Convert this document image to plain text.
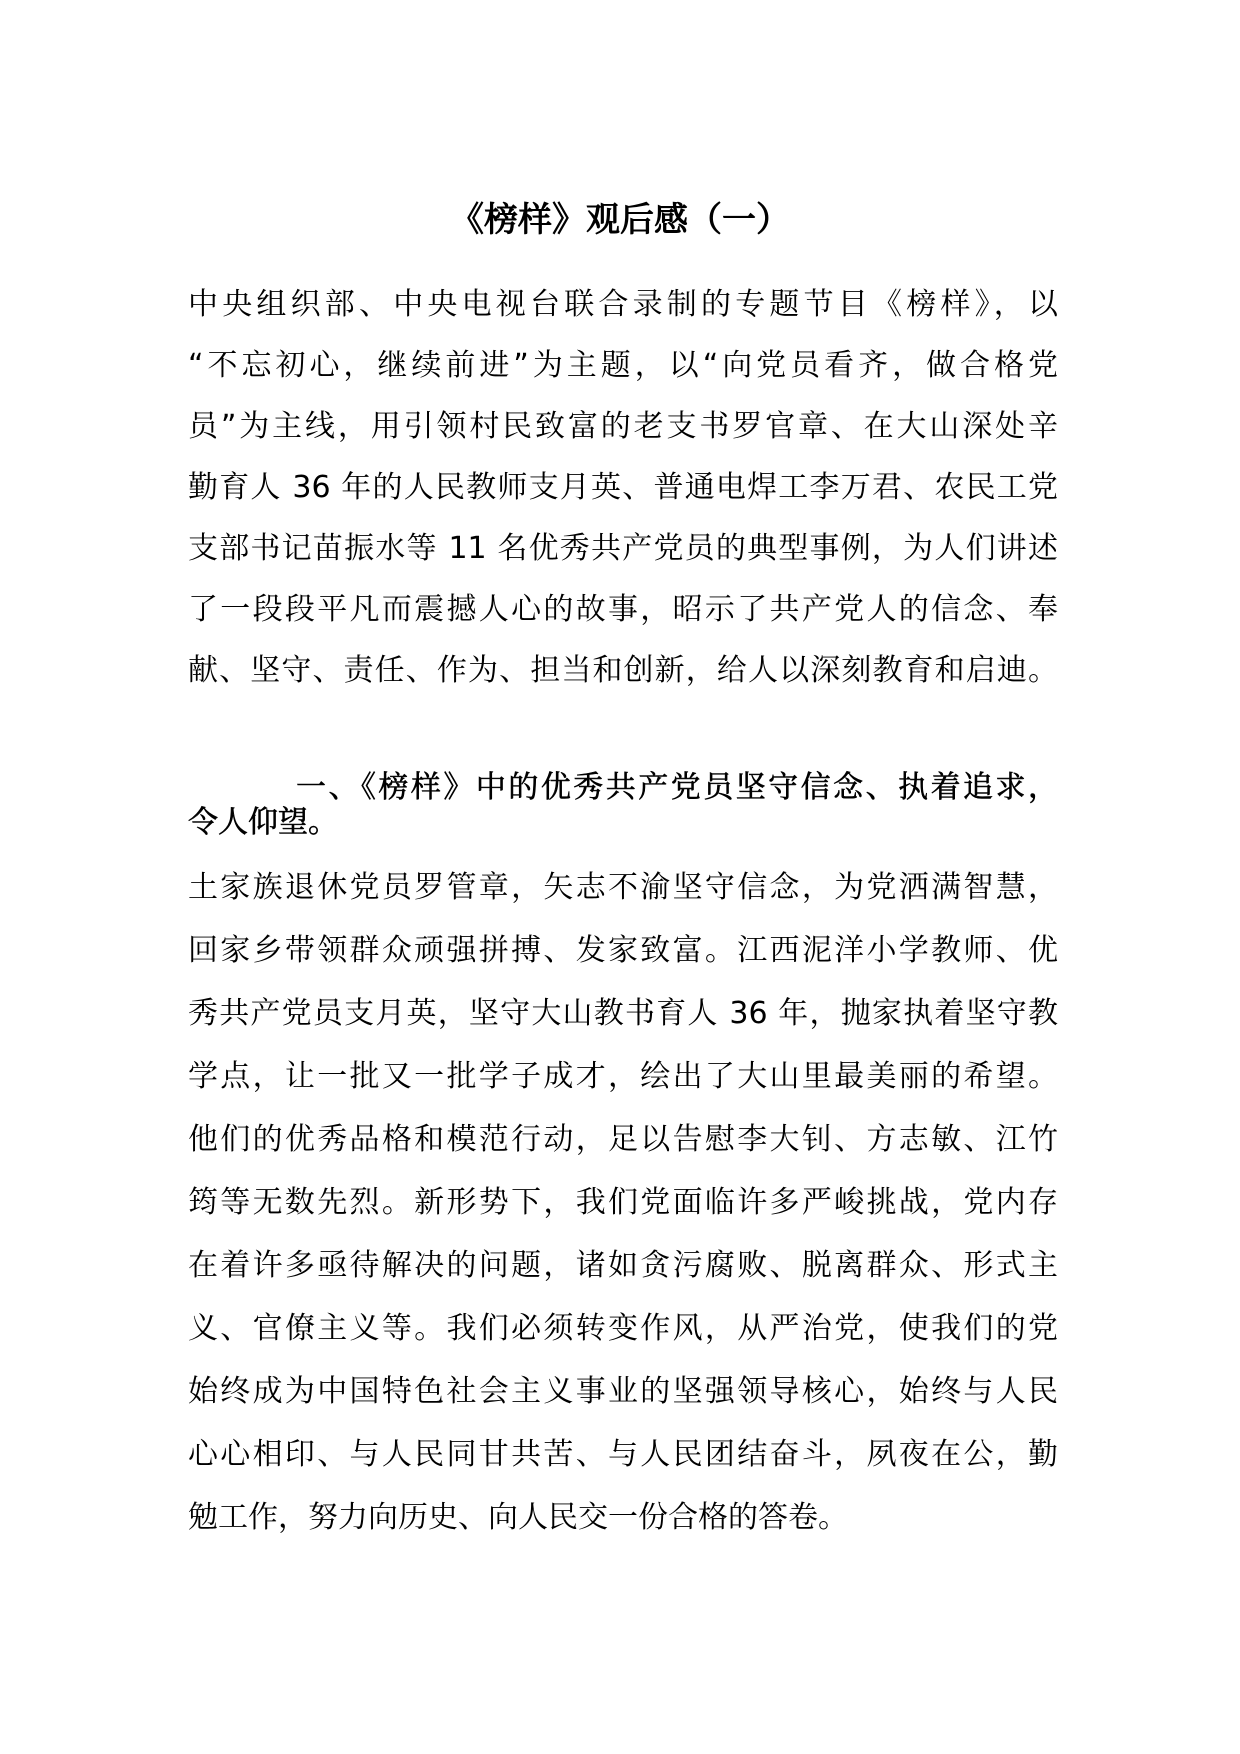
《榜样》观后感（一）
中央组织部、中央电视台联合录制的专题节目《榜样》，以
“不忘初心，继续前进”为主题，以“向党员看齐，做合格党
员”为主线，用引领村民致富的老支书罗官章、在大山深处辛
勤育人 36 年的人民教师支月英、普通电焊工李万君、农民工党
支部书记苗振水等 11 名优秀共产党员的典型事例，为人们讲述
了一段段平凡而震撼人心的故事，昭示了共产党人的信念、奉
献、坚守、责任、作为、担当和创新，给人以深刻教育和启迪。
一、《榜样》中的优秀共产党员坚守信念、执着追求，
令人仰望。
土家族退休党员罗管章，矢志不渝坚守信念，为党洒满智慧，
回家乡带领群众顽强拼搏、发家致富。江西泥洋小学教师、优
秀共产党员支月英，坚守大山教书育人 36 年，抛家执着坚守教
学点，让一批又一批学子成才，绘出了大山里最美丽的希望。
他们的优秀品格和模范行动，足以告慰李大钊、方志敏、江竹
筠等无数先烈。新形势下，我们党面临许多严峻挑战，党内存
在着许多亟待解决的问题，诸如贪污腐败、脱离群众、形式主
义、官僚主义等。我们必须转变作风，从严治党，使我们的党
始终成为中国特色社会主义事业的坚强领导核心，始终与人民
心心相印、与人民同甘共苦、与人民团结奋斗，夙夜在公，勤
勉工作，努力向历史、向人民交一份合格的答卷。
